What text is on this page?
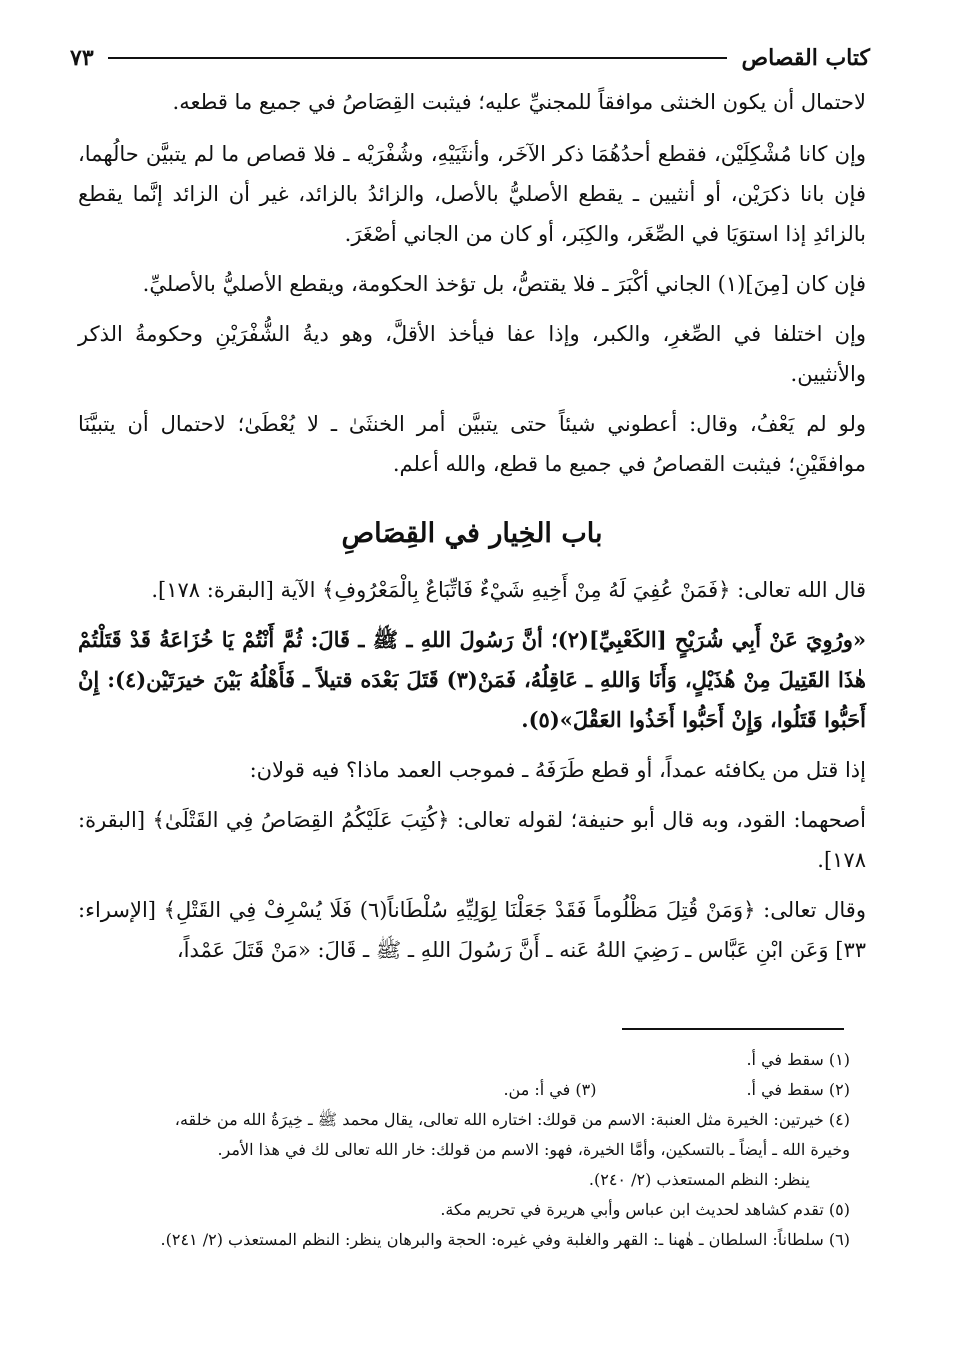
كتاب القصاص
٧٣

لاحتمال أن يكون الخنثى موافقاً للمجنيِّ عليه؛ فيثبت القِصَاصُ في جميع ما قطعه.

وإن كانا مُشْكِلَيْن، فقطع أحدُهُمَا ذكر الآخَر، وأنثَيَيْهِ، وشُفْرَيْه ـ فلا قصاص ما لم يتبيَّن حالُهما، فإن بانا ذكرَيْن، أو أنثيين ـ يقطع الأصليُّ بالأصل، والزائدُ بالزائد، غير أن الزائد إنَّما يقطع بالزائدِ إذا استوَيَا في الصِّغَر، والكِبَر، أو كان من الجاني أصْغَرَ.

فإن كان [مِنَ](١) الجاني أكْبَرَ ـ فلا يقتصُّ، بل تؤخذ الحكومة، ويقطع الأصليُّ بالأصليِّ.

وإن اختلفا في الصِّغرِ، والكبر، وإذا عفا فيأخذ الأقلَّ، وهو ديةُ الشُّفْرَيْنِ وحكومةُ الذكر والأنثيين.

ولو لم يَعْفُ، وقال: أعطوني شيئاً حتى يتبيَّن أمر الخنثَىٰ ـ لا يُعْطَىٰ؛ لاحتمال أن يتبيَّنَا موافقَيْنِ؛ فيثبت القصاصُ في جميع ما قطع، والله أعلم.

باب الخِيار في القِصَاصِ

قال الله تعالى: ﴿فَمَنْ عُفِيَ لَهُ مِنْ أَخِيهِ شَيْءٌ فَاتِّبَاعٌ بِالْمَعْرُوفِ﴾ الآية [البقرة: ١٧٨].

«ورُوِيَ عَنْ أَبِي شُرَيْحٍ [الكَعْبِيِّ](٢)؛ أنَّ رَسُولَ اللهِ ـ ﷺ ـ قَالَ: ثُمَّ أَنْتُمْ يَا خُزَاعَةُ قَدْ قَتَلْتُمْ هٰذَا القَتِيلَ مِنْ هُذَيْلٍ، وَأَنَا وَاللهِ ـ عَاقِلُهُ، فَمَنْ(٣) قَتَلَ بَعْدَه قتيلاً ـ فَأَهْلُهُ بَيْنَ خيرَتَيْن(٤): إِنْ أَحَبُّوا قَتَلُوا، وَإِنْ أَحَبُّوا أَخَذُوا العَقْلَ»(٥).

إذا قتل من يكافئه عمداً، أو قطع طَرَفَهُ ـ فموجب العمد ماذا؟ فيه قولان:

أصحهما: القود، وبه قال أبو حنيفة؛ لقوله تعالى: ﴿كُتِبَ عَلَيْكُمُ القِصَاصُ فِي القَتْلَىٰ﴾ [البقرة: ١٧٨].

وقال تعالى: ﴿وَمَنْ قُتِلَ مَظْلُوماً فَقَدْ جَعَلْنَا لِوَلِيِّهِ سُلْطَاناً(٦) فَلَا يُسْرِفْ فِي القَتْلِ﴾ [الإسراء: ٣٣] وَعَن ابْنِ عَبَّاس ـ رَضِيَ اللهُ عَنه ـ أَنَّ رَسُولَ اللهِ ـ ﷺ ـ قَالَ: «مَنْ قَتَلَ عَمْداً،

(١) سقط في أ.
(٢) سقط في أ.
(٣) في أ: من.
(٤) خيرتين: الخيرة مثل العنبة: الاسم من قولك: اختاره الله تعالى، يقال محمد ﷺ ـ خِيرَةُ الله من خلقه،
وخيرة الله ـ أيضاً ـ بالتسكين، وأمَّا الخيرة، فهو: الاسم من قولك: خار الله تعالى لك في هذا الأمر.
ينظر: النظم المستعذب (٢/ ٢٤٠).
(٥) تقدم كشاهد لحديث ابن عباس وأبي هريرة في تحريم مكة.
(٦) سلطاناً: السلطان ـ هٰهنا ـ: القهر والغلبة وفي غيره: الحجة والبرهان ينظر: النظم المستعذب (٢/ ٢٤١).
